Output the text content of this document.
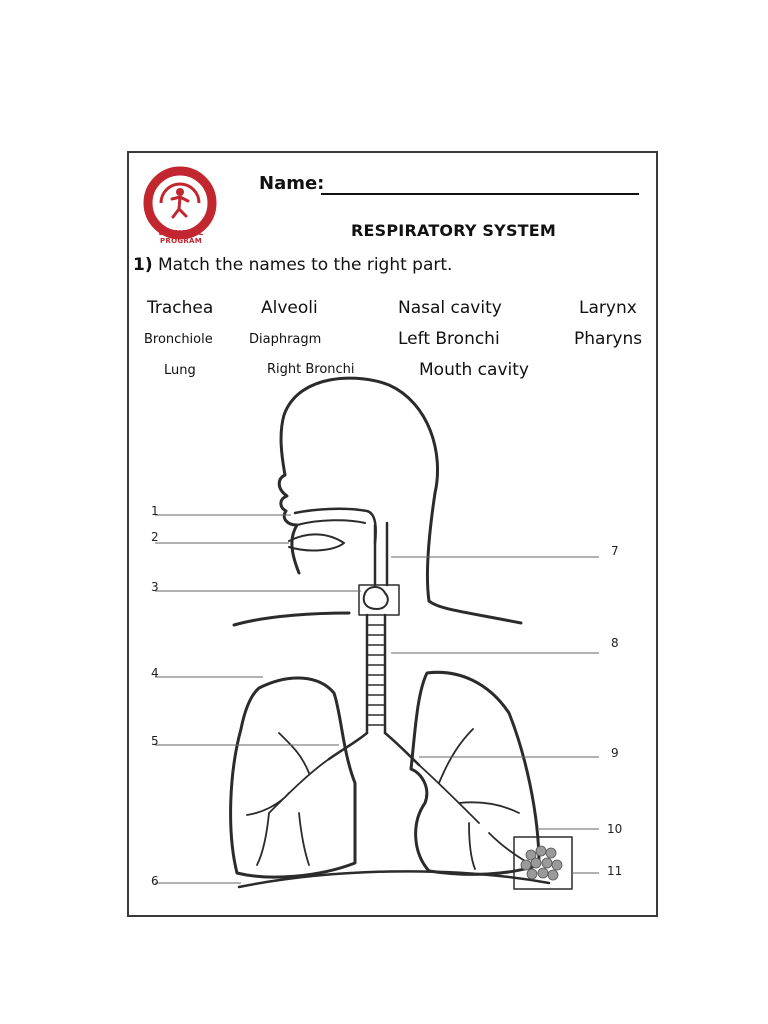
BILINGUAL PROGRAM
Name:
RESPIRATORY SYSTEM
1) Match the names to the right part.
Trachea	Alveoli	Nasal cavity	Larynx
Bronchiole	Diaphragm	Left Bronchi	Pharyns
Lung	Right Bronchi	Mouth cavity
1
2
3
4
5
6
7
8
9
10
11
